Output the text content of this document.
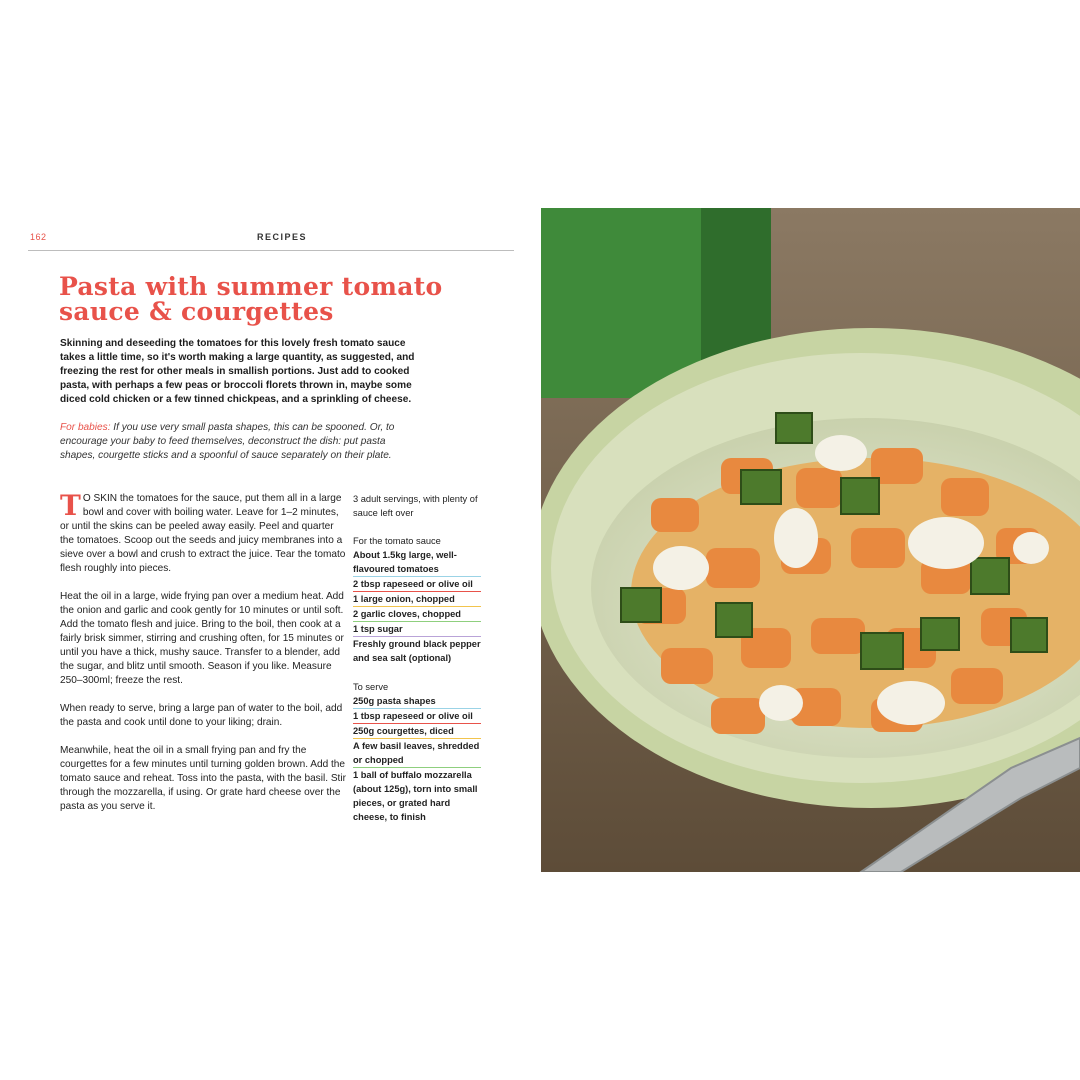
162	RECIPES
Pasta with summer tomato
sauce & courgettes

Skinning and deseeding the tomatoes for this lovely fresh tomato sauce takes a little time, so it's worth making a large quantity, as suggested, and freezing the rest for other meals in smallish portions. Just add to cooked pasta, with perhaps a few peas or broccoli florets thrown in, maybe some diced cold chicken or a few tinned chickpeas, and a sprinkling of cheese.

For babies: If you use very small pasta shapes, this can be spooned. Or, to encourage your baby to feed themselves, deconstruct the dish: put pasta shapes, courgette sticks and a spoonful of sauce separately on their plate.

T O SKIN the tomatoes for the sauce, put them all in a large bowl and cover with boiling water. Leave for 1–2 minutes, or until the skins can be peeled away easily. Peel and quarter the tomatoes. Scoop out the seeds and juicy membranes into a sieve over a bowl and crush to extract the juice. Tear the tomato flesh roughly into pieces.

Heat the oil in a large, wide frying pan over a medium heat. Add the onion and garlic and cook gently for 10 minutes or until soft. Add the tomato flesh and juice. Bring to the boil, then cook at a fairly brisk simmer, stirring and crushing often, for 15 minutes or until you have a thick, mushy sauce. Transfer to a blender, add the sugar, and blitz until smooth. Season if you like. Measure 250–300ml; freeze the rest.

When ready to serve, bring a large pan of water to the boil, add the pasta and cook until done to your liking; drain.

Meanwhile, heat the oil in a small frying pan and fry the courgettes for a few minutes until turning golden brown. Add the tomato sauce and reheat. Toss into the pasta, with the basil. Stir through the mozzarella, if using. Or grate hard cheese over the pasta as you serve it.

3 adult servings, with plenty of sauce left over

For the tomato sauce

About 1.5kg large, well-flavoured tomatoes
2 tbsp rapeseed or olive oil
1 large onion, chopped
2 garlic cloves, chopped
1 tsp sugar
Freshly ground black pepper and sea salt (optional)

To serve

250g pasta shapes
1 tbsp rapeseed or olive oil
250g courgettes, diced
A few basil leaves, shredded or chopped
1 ball of buffalo mozzarella (about 125g), torn into small pieces, or grated hard cheese, to finish
